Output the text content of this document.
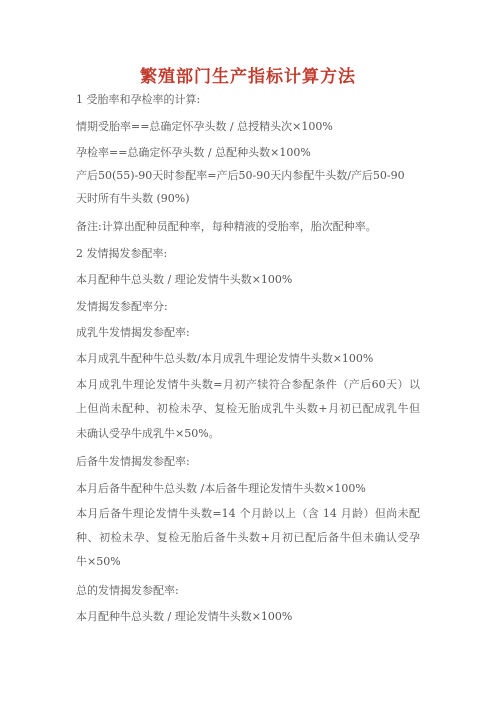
繁殖部门生产指标计算方法
1 受胎率和孕检率的计算:
情期受胎率==总确定怀孕头数 / 总授精头次×100%
孕检率==总确定怀孕头数 / 总配种头数×100%
产后50(55)-90天时参配率=产后50-90天内参配牛头数/产后50-90
天时所有牛头数 (90%)
备注:计算出配种员配种率，每种精液的受胎率，胎次配种率。
2 发情揭发参配率:
本月配种牛总头数 / 理论发情牛头数×100%
发情揭发参配率分:
成乳牛发情揭发参配率:
本月成乳牛配种牛总头数/本月成乳牛理论发情牛头数×100%
本月成乳牛理论发情牛头数=月初产犊符合参配条件（产后60天）以
上但尚未配种、初检未孕、复检无胎成乳牛头数+月初已配成乳牛但
未确认受孕牛成乳牛×50%。
后备牛发情揭发参配率:
本月后备牛配种牛总头数 /本后备牛理论发情牛头数×100%
本月后备牛理论发情牛头数=14 个月龄以上（含 14 月龄）但尚未配
种、初检未孕、复检无胎后备牛头数+月初已配后备牛但未确认受孕
牛×50%
总的发情揭发参配率:
本月配种牛总头数 / 理论发情牛头数×100%
